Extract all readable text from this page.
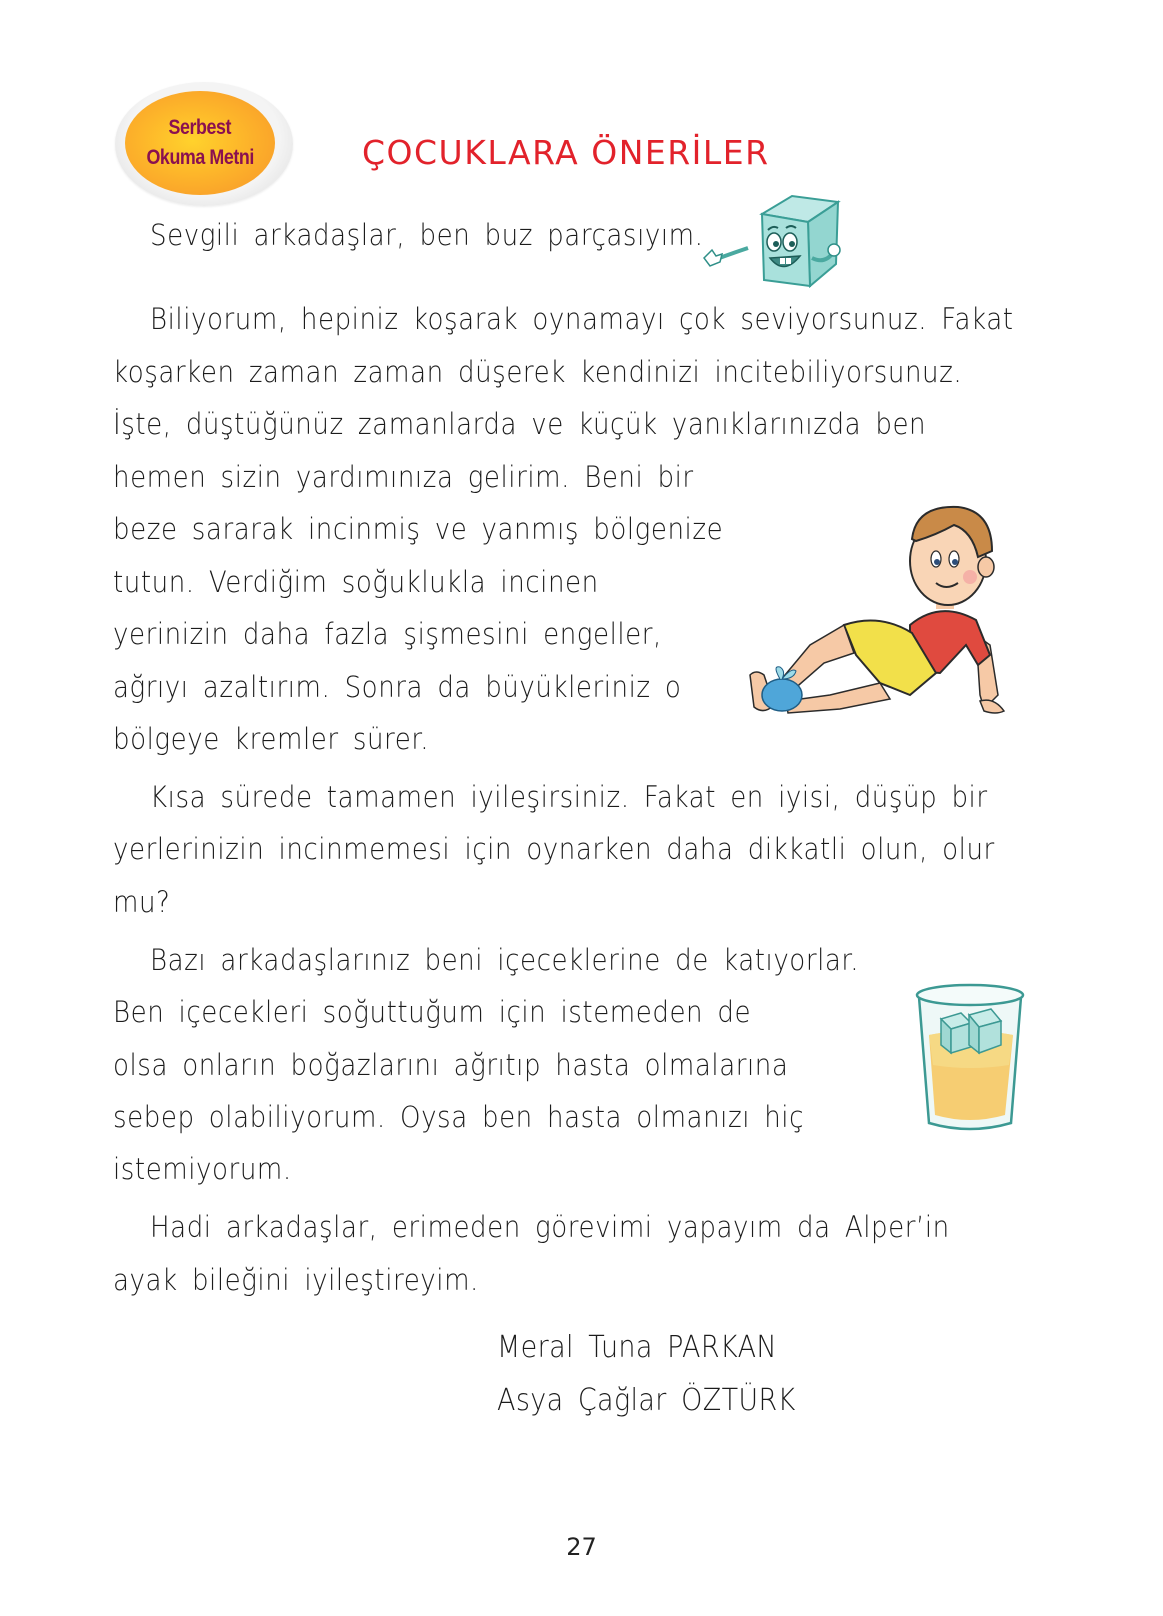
Serbest
Okuma Metni	ÇOCUKLARA ÖNERİLER
Sevgili arkadaşlar, ben buz parçasıyım.
Biliyorum, hepiniz koşarak oynamayı çok seviyorsunuz. Fakat
koşarken zaman zaman düşerek kendinizi incitebiliyorsunuz.
İşte, düştüğünüz zamanlarda ve küçük yanıklarınızda ben
hemen sizin yardımınıza gelirim. Beni bir
beze sararak incinmiş ve yanmış bölgenize
tutun. Verdiğim soğuklukla incinen
yerinizin daha fazla şişmesini engeller,
ağrıyı azaltırım. Sonra da büyükleriniz o
bölgeye kremler sürer.
Kısa sürede tamamen iyileşirsiniz. Fakat en iyisi, düşüp bir
yerlerinizin incinmemesi için oynarken daha dikkatli olun, olur
mu?
Bazı arkadaşlarınız beni içeceklerine de katıyorlar.
Ben içecekleri soğuttuğum için istemeden de
olsa onların boğazlarını ağrıtıp hasta olmalarına
sebep olabiliyorum. Oysa ben hasta olmanızı hiç
istemiyorum.
Hadi arkadaşlar, erimeden görevimi yapayım da Alper’in
ayak bileğini iyileştireyim.
Meral Tuna PARKAN
Asya Çağlar ÖZTÜRK
27
